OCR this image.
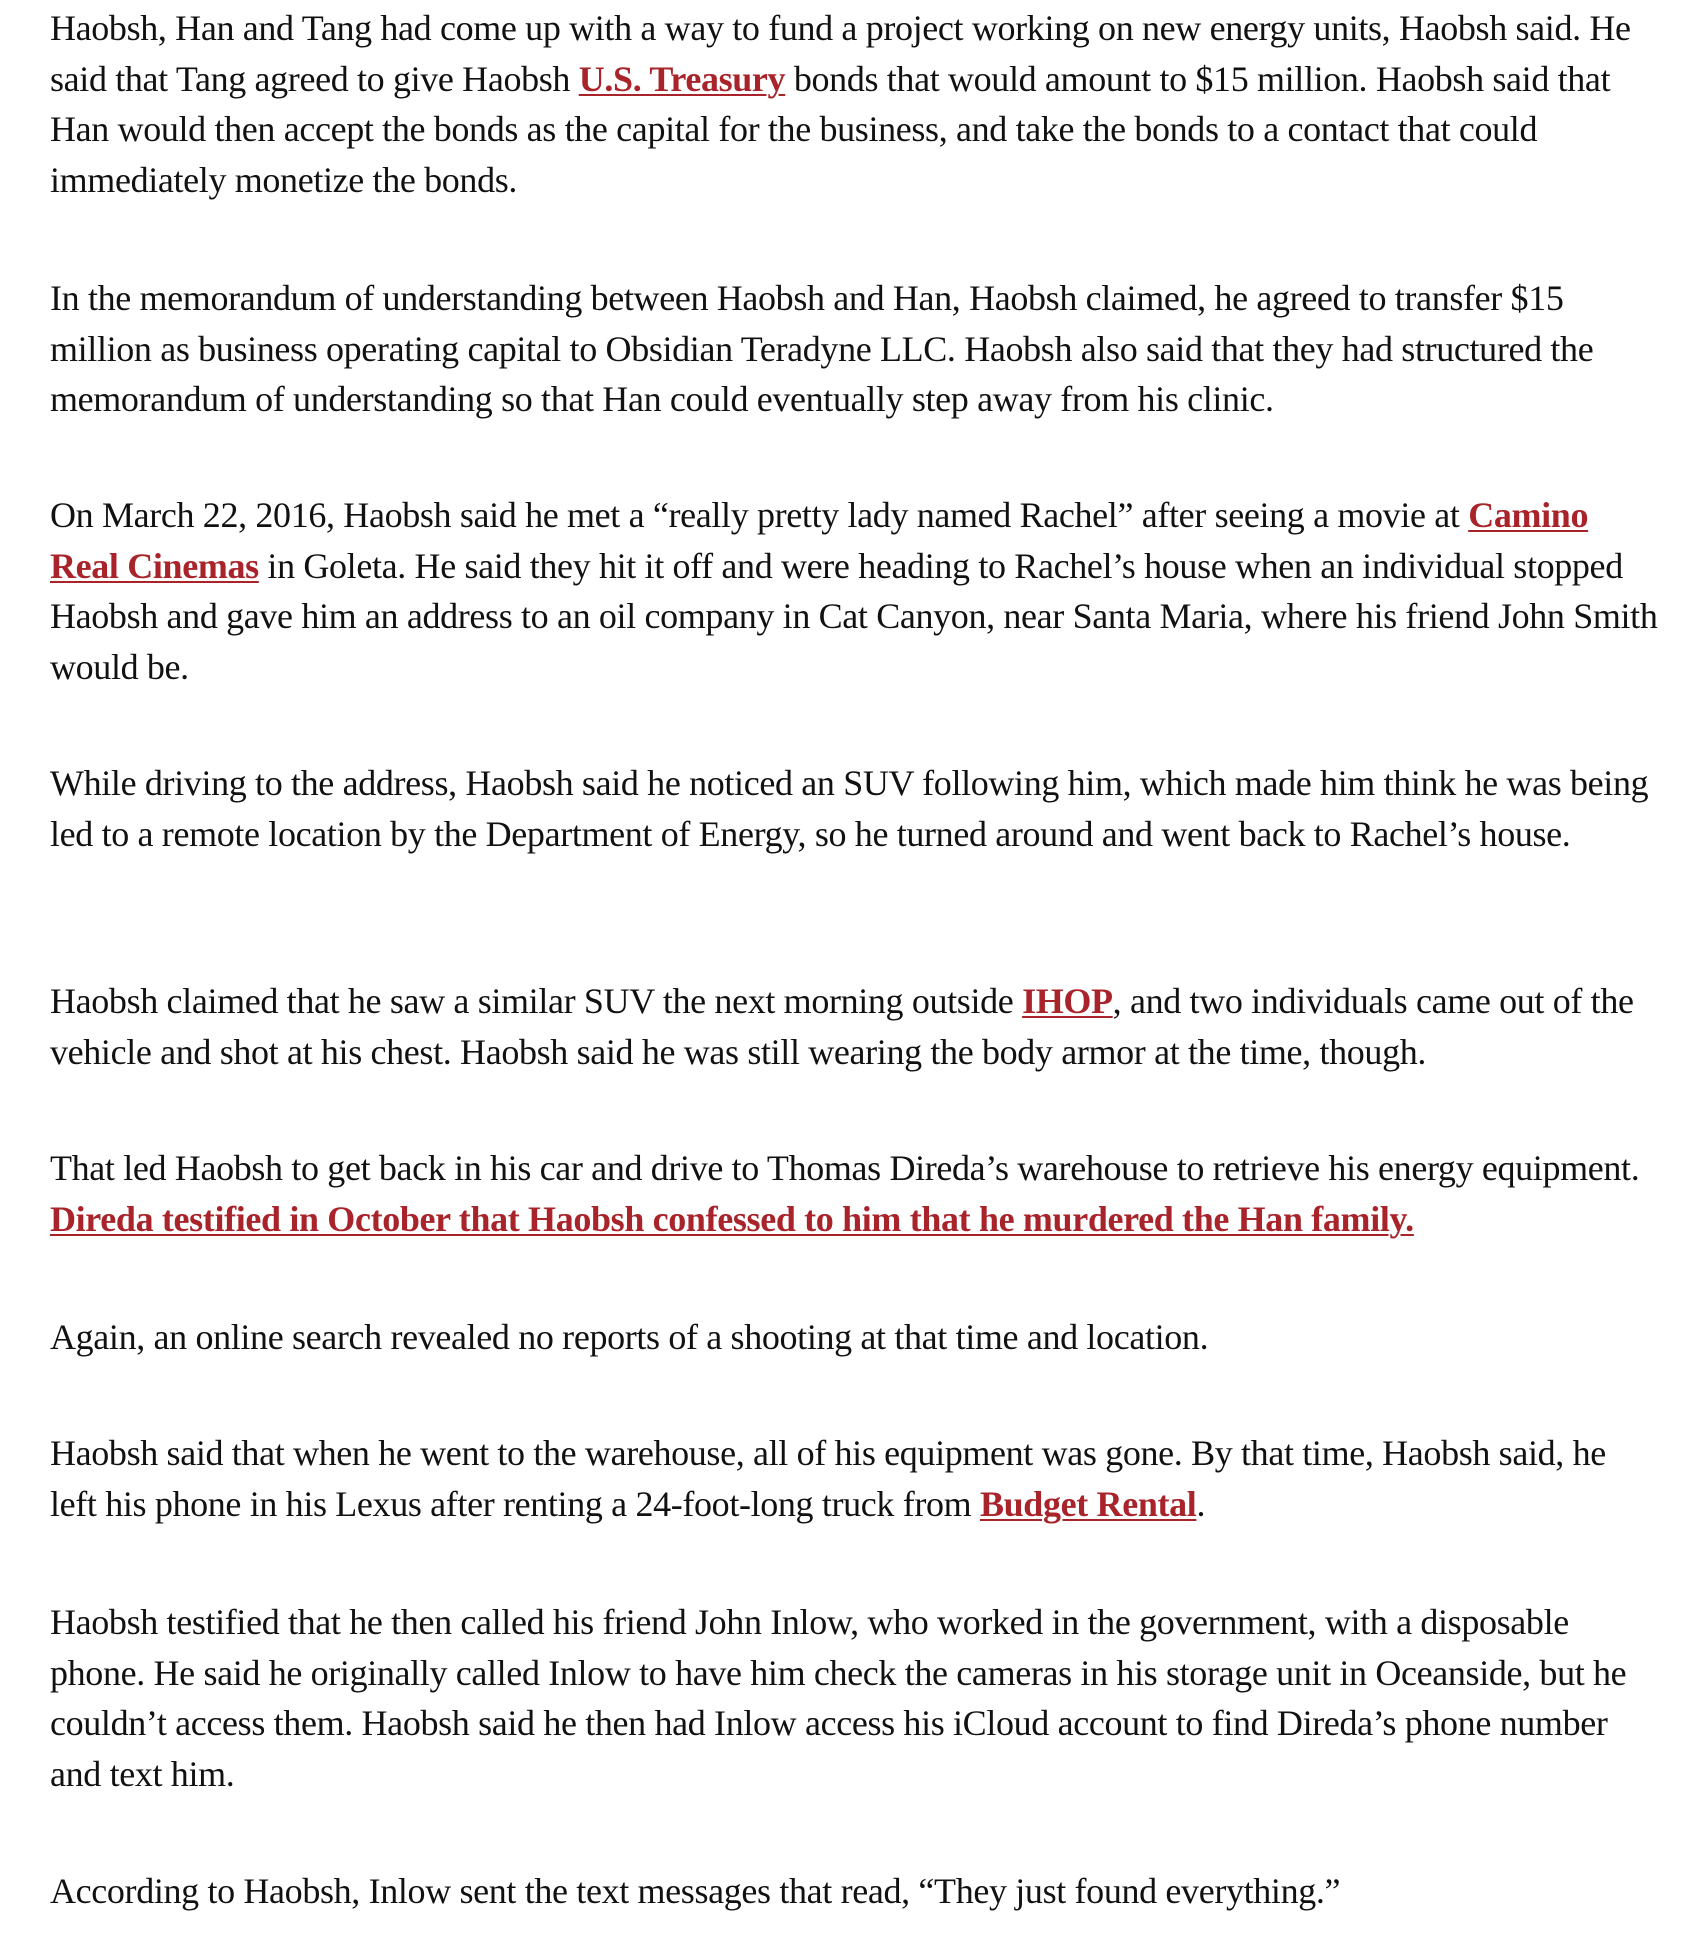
Haobsh, Han and Tang had come up with a way to fund a project working on new energy units, Haobsh said. He said that Tang agreed to give Haobsh U.S. Treasury bonds that would amount to $15 million. Haobsh said that Han would then accept the bonds as the capital for the business, and take the bonds to a contact that could immediately monetize the bonds.

In the memorandum of understanding between Haobsh and Han, Haobsh claimed, he agreed to transfer $15 million as business operating capital to Obsidian Teradyne LLC. Haobsh also said that they had structured the memorandum of understanding so that Han could eventually step away from his clinic.

On March 22, 2016, Haobsh said he met a “really pretty lady named Rachel” after seeing a movie at Camino Real Cinemas in Goleta. He said they hit it off and were heading to Rachel’s house when an individual stopped Haobsh and gave him an address to an oil company in Cat Canyon, near Santa Maria, where his friend John Smith would be.

While driving to the address, Haobsh said he noticed an SUV following him, which made him think he was being led to a remote location by the Department of Energy, so he turned around and went back to Rachel’s house.

Haobsh claimed that he saw a similar SUV the next morning outside IHOP, and two individuals came out of the vehicle and shot at his chest. Haobsh said he was still wearing the body armor at the time, though.

That led Haobsh to get back in his car and drive to Thomas Direda’s warehouse to retrieve his energy equipment. Direda testified in October that Haobsh confessed to him that he murdered the Han family.

Again, an online search revealed no reports of a shooting at that time and location.

Haobsh said that when he went to the warehouse, all of his equipment was gone. By that time, Haobsh said, he left his phone in his Lexus after renting a 24-foot-long truck from Budget Rental.

Haobsh testified that he then called his friend John Inlow, who worked in the government, with a disposable phone. He said he originally called Inlow to have him check the cameras in his storage unit in Oceanside, but he couldn’t access them. Haobsh said he then had Inlow access his iCloud account to find Direda’s phone number and text him.

According to Haobsh, Inlow sent the text messages that read, “They just found everything.”
